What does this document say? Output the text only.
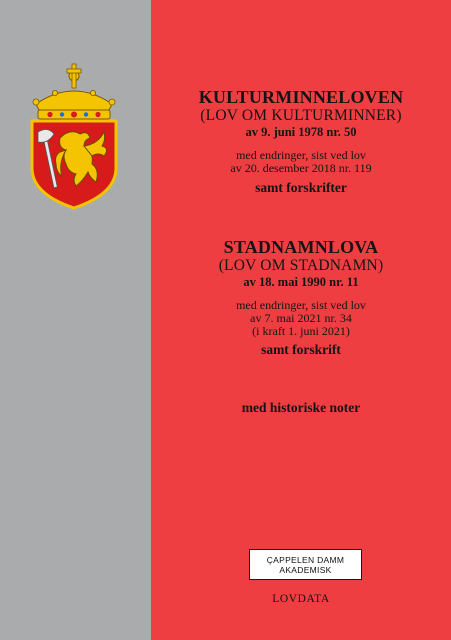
KULTURMINNELOVEN
(LOV OM KULTURMINNER)
av 9. juni 1978 nr. 50
med endringer, sist ved lov
av 20. desember 2018 nr. 119
samt forskrifter
STADNAMNLOVA
(LOV OM STADNAMN)
av 18. mai 1990 nr. 11
med endringer, sist ved lov
av 7. mai 2021 nr. 34
(i kraft 1. juni 2021)
samt forskrift
med historiske noter
ÇAPPELEN DAMM
AKADEMISK
LOVDATA
